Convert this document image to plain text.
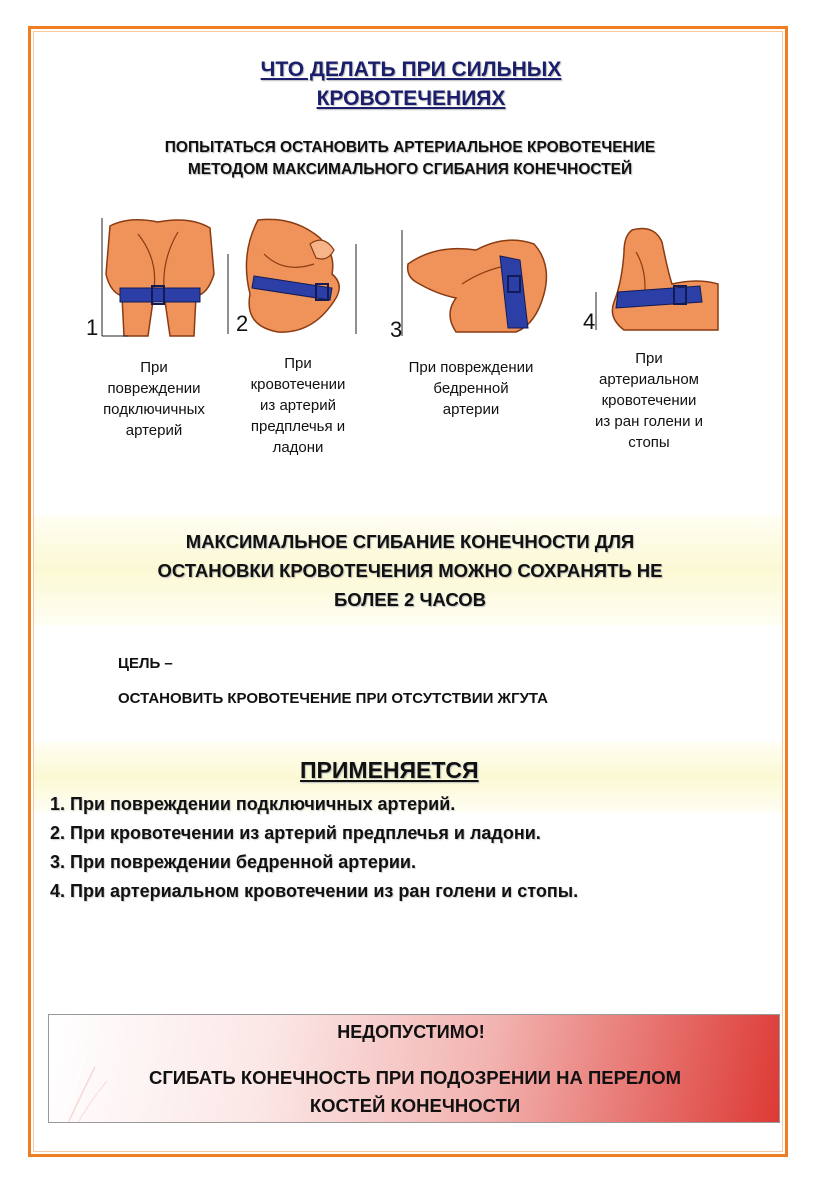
ЧТО ДЕЛАТЬ ПРИ СИЛЬНЫХ
КРОВОТЕЧЕНИЯХ
ПОПЫТАТЬСЯ ОСТАНОВИТЬ АРТЕРИАЛЬНОЕ КРОВОТЕЧЕНИЕ
МЕТОДОМ МАКСИМАЛЬНОГО СГИБАНИЯ КОНЕЧНОСТЕЙ
1	2	3	4
При
повреждении
подключичных
артерий
При
кровотечении
из артерий
предплечья и
ладони
При повреждении
бедренной
артерии
При
артериальном
кровотечении
из ран голени и
стопы
МАКСИМАЛЬНОЕ СГИБАНИЕ КОНЕЧНОСТИ ДЛЯ
ОСТАНОВКИ КРОВОТЕЧЕНИЯ МОЖНО СОХРАНЯТЬ НЕ
БОЛЕЕ 2 ЧАСОВ
ЦЕЛЬ –
ОСТАНОВИТЬ КРОВОТЕЧЕНИЕ ПРИ ОТСУТСТВИИ ЖГУТА
ПРИМЕНЯЕТСЯ
1. При повреждении подключичных артерий.
2. При кровотечении из артерий предплечья и ладони.
3. При повреждении бедренной артерии.
4. При артериальном кровотечении из ран голени и стопы.
НЕДОПУСТИМО!
СГИБАТЬ КОНЕЧНОСТЬ ПРИ ПОДОЗРЕНИИ НА ПЕРЕЛОМ
КОСТЕЙ КОНЕЧНОСТИ
